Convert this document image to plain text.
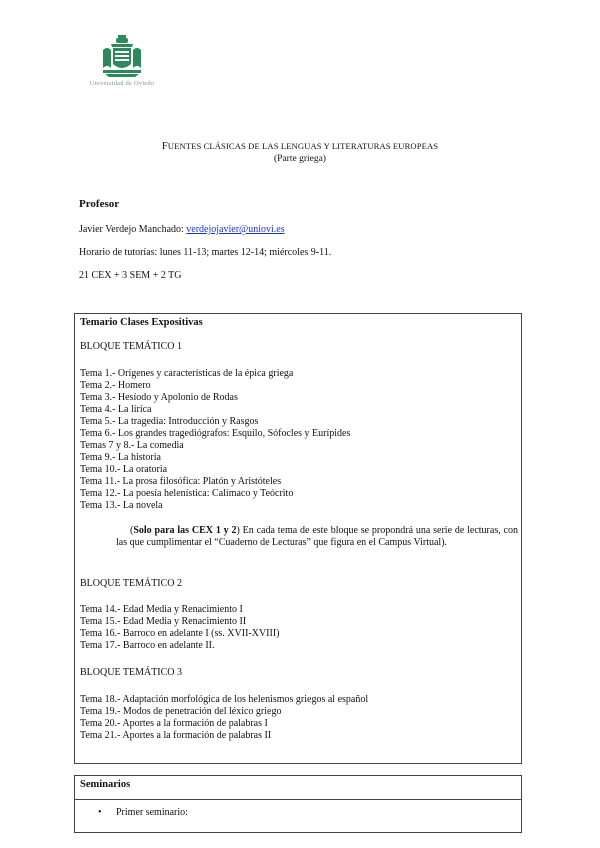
Universidad de Oviedo
FUENTES CLÁSICAS DE LAS LENGUAS Y LITERATURAS EUROPEAS
(Parte griega)
Profesor
Javier Verdejo Manchado: verdejojavier@uniovi.es
Horario de tutorías: lunes 11-13; martes 12-14; miércoles 9-11.
21 CEX + 3 SEM + 2 TG
Temario Clases Expositivas
BLOQUE TEMÁTICO 1
Tema 1.- Orígenes y características de la épica griega
Tema 2.- Homero
Tema 3.- Hesíodo y Apolonio de Rodas
Tema 4.- La lírica
Tema 5.- La tragedia: Introducción y Rasgos
Tema 6.- Los grandes tragediógrafos: Esquilo, Sófocles y Eurípides
Temas 7 y 8.- La comedia
Tema 9.- La historia
Tema 10.- La oratoria
Tema 11.- La prosa filosófica: Platón y Aristóteles
Tema 12.- La poesía helenística: Calímaco y Teócrito
Tema 13.- La novela
(Solo para las CEX 1 y 2) En cada tema de este bloque se propondrá una serie de lecturas, con las que cumplimentar el “Cuaderno de Lecturas” que figura en el Campus Virtual).
BLOQUE TEMÁTICO 2
Tema 14.- Edad Media y Renacimiento I
Tema 15.- Edad Media y Renacimiento II
Tema 16.- Barroco en adelante I (ss. XVII-XVIII)
Tema 17.- Barroco en adelante II.
BLOQUE TEMÁTICO 3
Tema 18.- Adaptación morfológica de los helenismos griegos al español
Tema 19.- Modos de penetración del léxico griego
Tema 20.- Aportes a la formación de palabras I
Tema 21.- Aportes a la formación de palabras II
Seminarios
• Primer seminario:
